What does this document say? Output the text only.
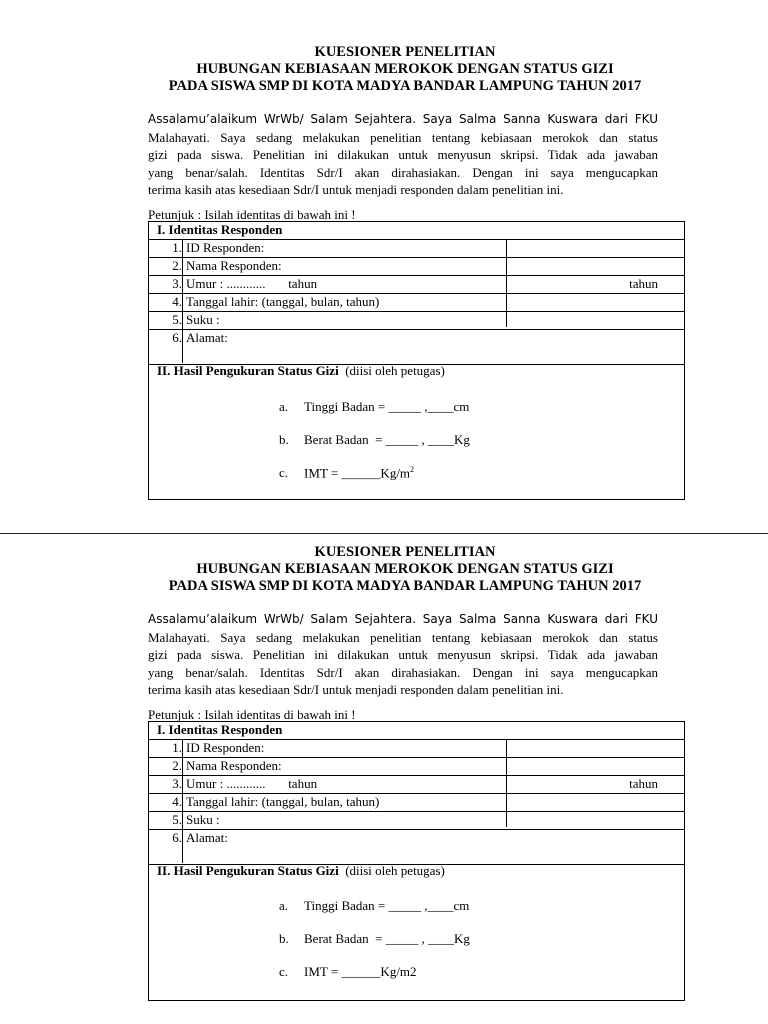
KUESIONER PENELITIAN
HUBUNGAN KEBIASAAN MEROKOK DENGAN STATUS GIZI
PADA SISWA SMP DI KOTA MADYA BANDAR LAMPUNG TAHUN 2017
Assalamu’alaikum WrWb/ Salam Sejahtera. Saya Salma Sanna Kuswara dari FKU
Malahayati. Saya sedang melakukan penelitian tentang kebiasaan merokok dan status
gizi pada siswa. Penelitian ini dilakukan untuk menyusun skripsi. Tidak ada jawaban
yang benar/salah. Identitas Sdr/I akan dirahasiakan. Dengan ini saya mengucapkan
terima kasih atas kesediaan Sdr/I untuk menjadi responden dalam penelitian ini.
Petunjuk : Isilah identitas di bawah ini !
I. Identitas Responden
1. ID Responden:
2. Nama Responden:
3. Umur : ............       tahun	tahun
4. Tanggal lahir: (tanggal, bulan, tahun)
5. Suku :
6. Alamat:
II. Hasil Pengukuran Status Gizi (diisi oleh petugas)
a. Tinggi Badan = _____ ,____cm
b. Berat Badan  = _____ , ____Kg
c. IMT = $\_\_\_\_\_\_Kg/m^2$
KUESIONER PENELITIAN
HUBUNGAN KEBIASAAN MEROKOK DENGAN STATUS GIZI
PADA SISWA SMP DI KOTA MADYA BANDAR LAMPUNG TAHUN 2017
Assalamu’alaikum WrWb/ Salam Sejahtera. Saya Salma Sanna Kuswara dari FKU
Malahayati. Saya sedang melakukan penelitian tentang kebiasaan merokok dan status
gizi pada siswa. Penelitian ini dilakukan untuk menyusun skripsi. Tidak ada jawaban
yang benar/salah. Identitas Sdr/I akan dirahasiakan. Dengan ini saya mengucapkan
terima kasih atas kesediaan Sdr/I untuk menjadi responden dalam penelitian ini.
Petunjuk : Isilah identitas di bawah ini !
I. Identitas Responden
1. ID Responden:
2. Nama Responden:
3. Umur : ............       tahun	tahun
4. Tanggal lahir: (tanggal, bulan, tahun)
5. Suku :
6. Alamat:
II. Hasil Pengukuran Status Gizi (diisi oleh petugas)
a. Tinggi Badan = _____ ,____cm
b. Berat Badan  = _____ , ____Kg
c. IMT = ______Kg/m2
